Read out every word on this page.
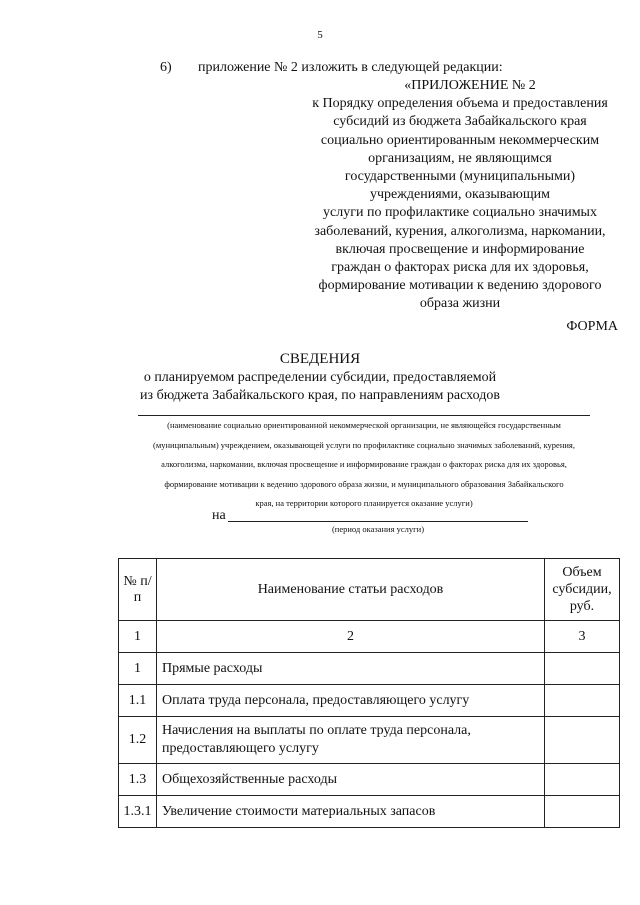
5
6) приложение № 2 изложить в следующей редакции:
«ПРИЛОЖЕНИЕ № 2
к Порядку определения объема и предоставления
субсидий из бюджета Забайкальского края
социально ориентированным некоммерческим
организациям, не являющимся
государственными (муниципальными)
учреждениями, оказывающим
услуги по профилактике социально значимых
заболеваний, курения, алкоголизма, наркомании,
включая просвещение и информирование
граждан о факторах риска для их здоровья,
формирование мотивации к ведению здорового
образа жизни
ФОРМА
СВЕДЕНИЯ
о планируемом распределении субсидии, предоставляемой
из бюджета Забайкальского края, по направлениям расходов
(наименование социально ориентированной некоммерческой организации, не являющейся государственным
(муниципальным) учреждением, оказывающей услуги по профилактике социально значимых заболеваний, курения,
алкоголизма, наркомании, включая просвещение и информирование граждан о факторах риска для их здоровья,
формирование мотивации к ведению здорового образа жизни, и муниципального образования Забайкальского
края, на территории которого планируется оказание услуги)
на
(период оказания услуги)
№ п/п	Наименование статьи расходов	Объем субсидии, руб.
1	2	3
1	Прямые расходы	
1.1	Оплата труда персонала, предоставляющего услугу	
1.2	Начисления на выплаты по оплате труда персонала, предоставляющего услугу	
1.3	Общехозяйственные расходы	
1.3.1	Увеличение стоимости материальных запасов	
